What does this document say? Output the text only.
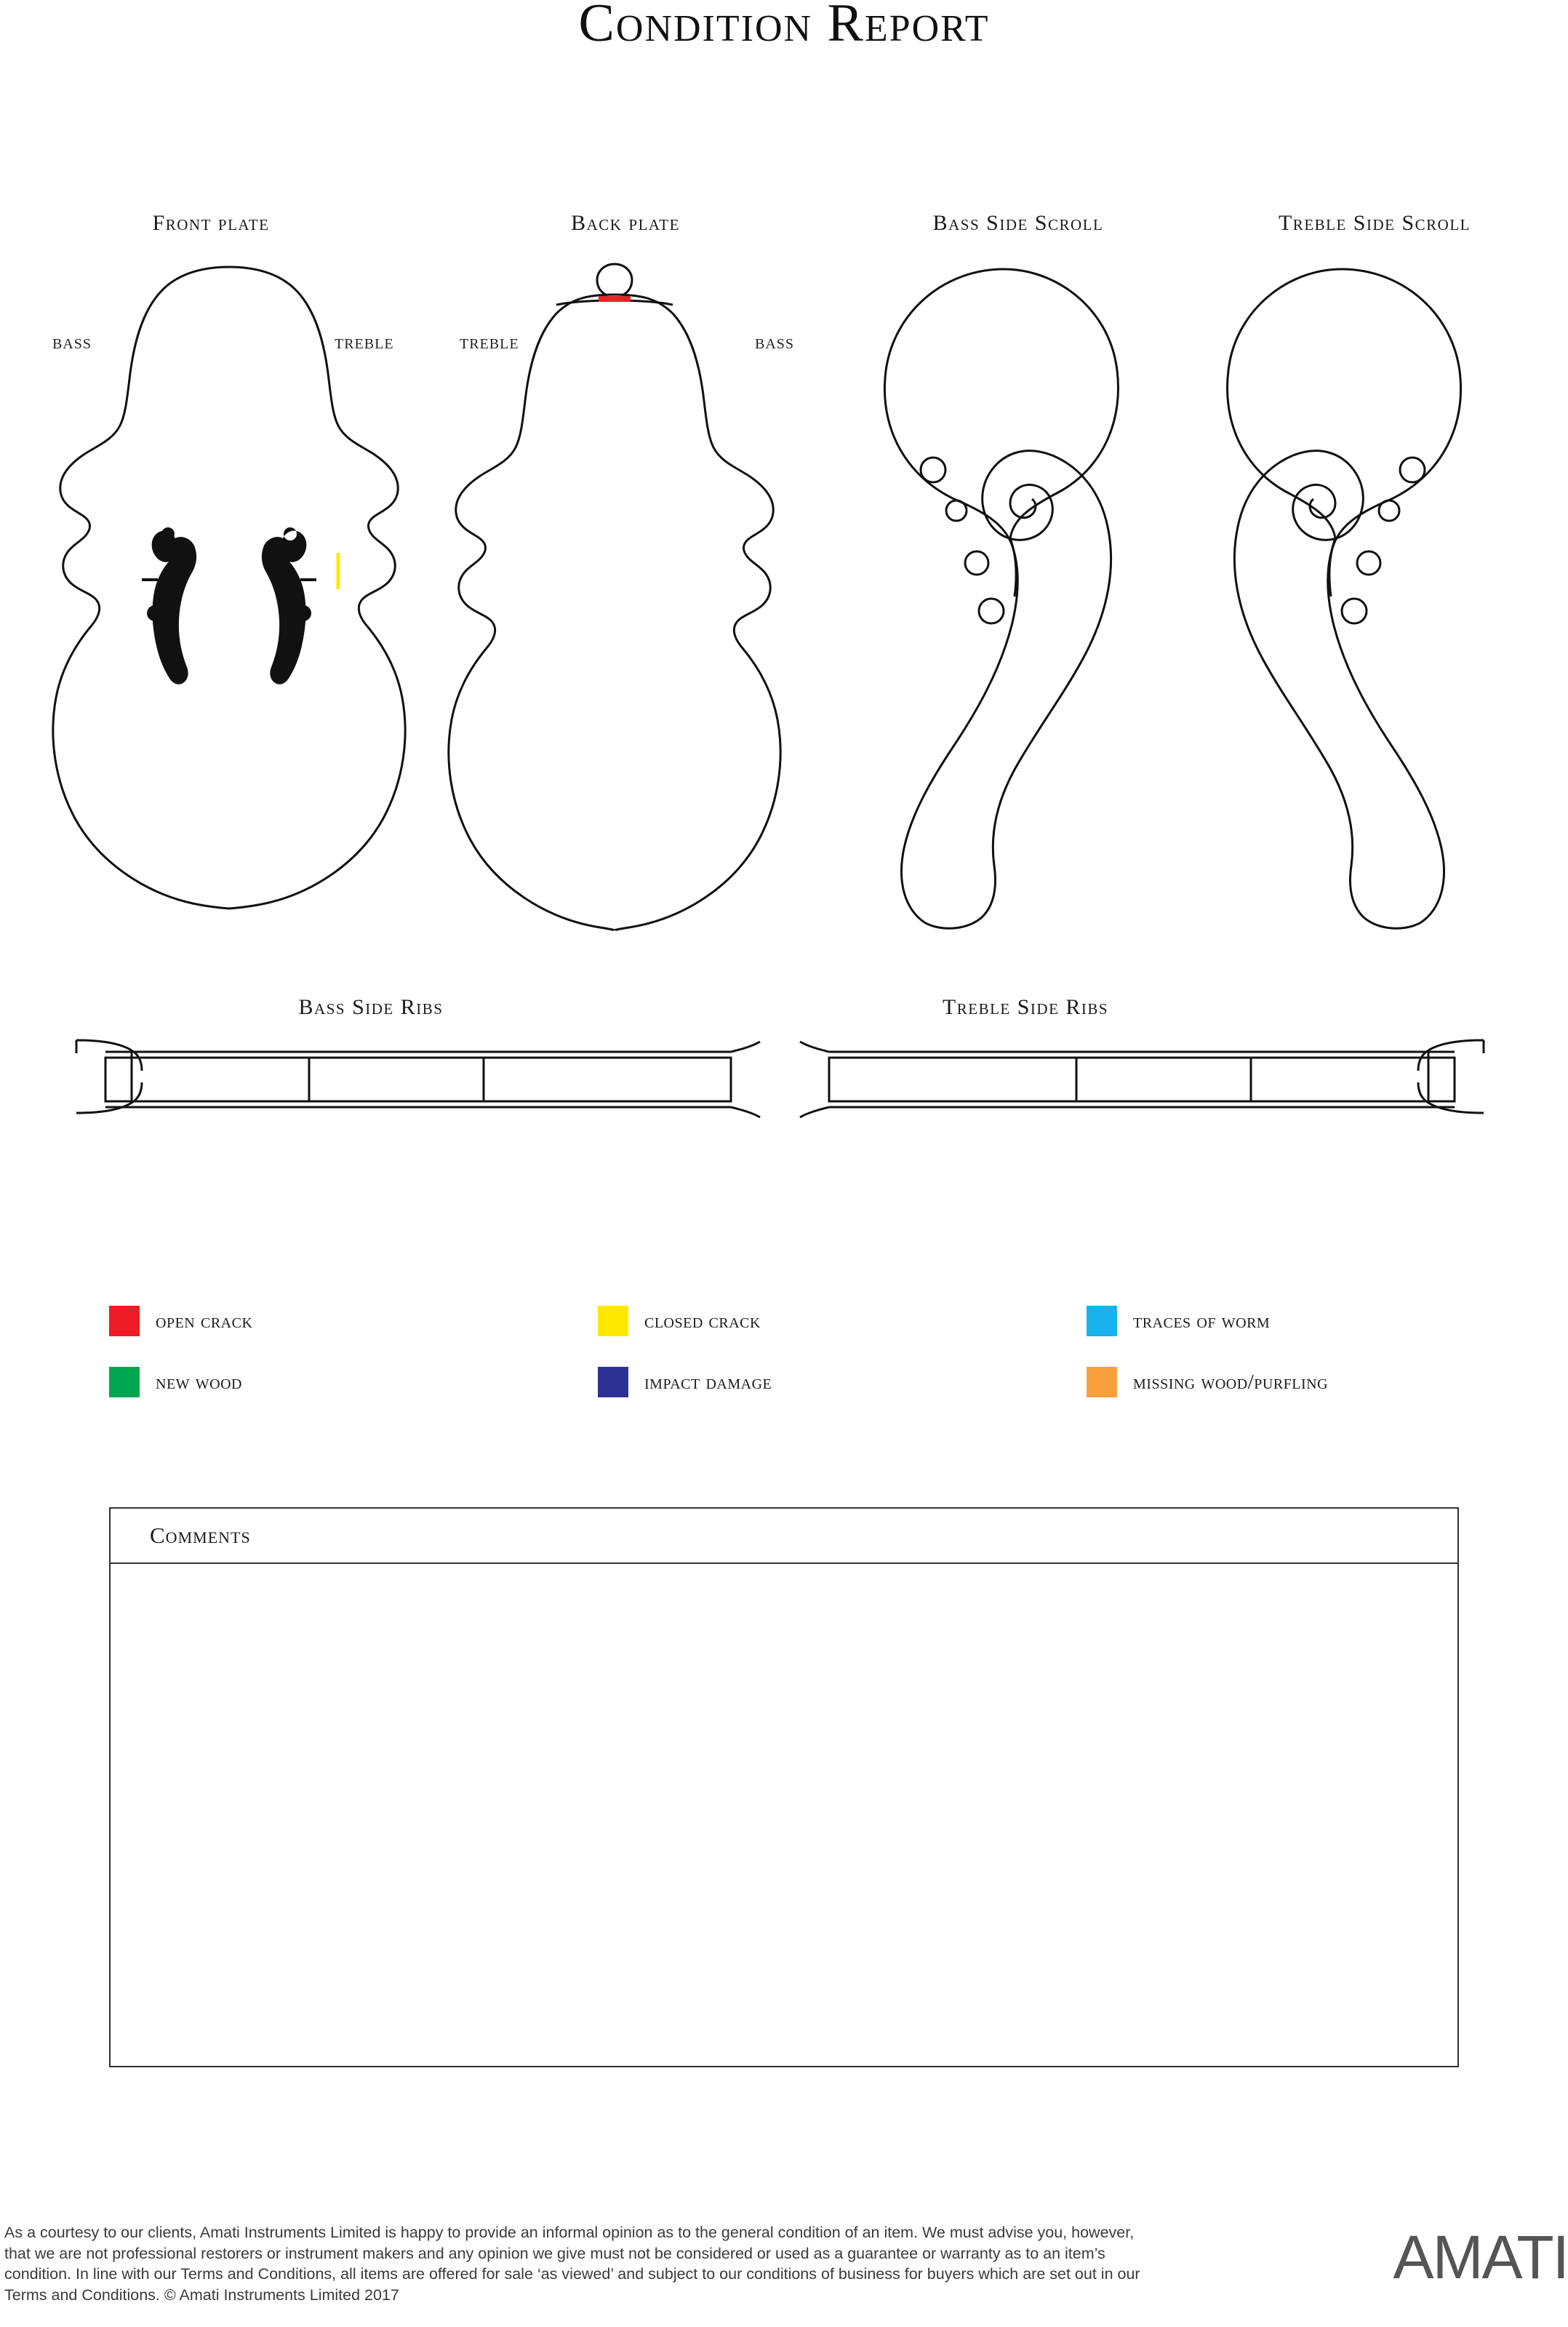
Condition Report
Front plate	Back plate	Bass Side Scroll	Treble Side Scroll
BASS	TREBLE	TREBLE	BASS
Bass Side Ribs	Treble Side Ribs
open crack	closed crack	traces of worm
new wood	impact damage	missing wood/purfling
Comments
As a courtesy to our clients, Amati Instruments Limited is happy to provide an informal opinion as to the general condition of an item. We must advise you, however, that we are not professional restorers or instrument makers and any opinion we give must not be considered or used as a guarantee or warranty as to an item’s condition. In line with our Terms and Conditions, all items are offered for sale ‘as viewed’ and subject to our conditions of business for buyers which are set out in our Terms and Conditions. © Amati Instruments Limited 2017
AMATI
